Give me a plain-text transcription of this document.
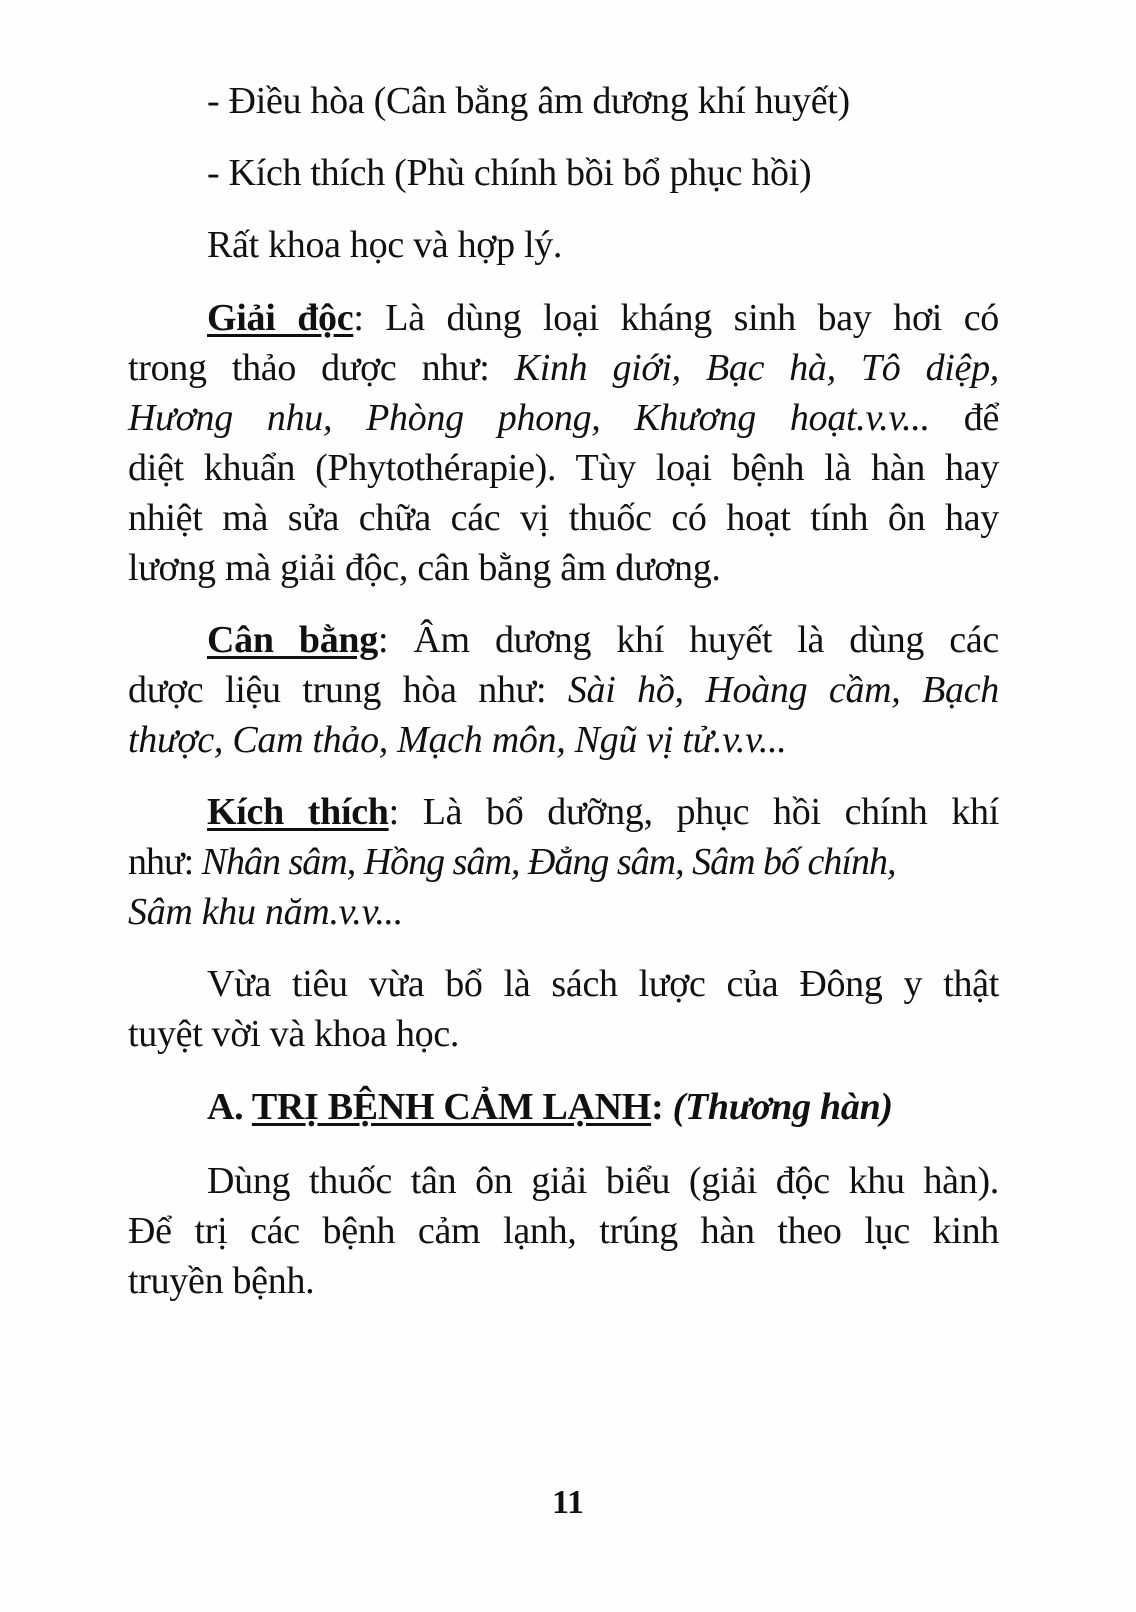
- Điều hòa (Cân bằng âm dương khí huyết)
- Kích thích (Phù chính bồi bổ phục hồi)
Rất khoa học và hợp lý.
Giải độc: Là dùng loại kháng sinh bay hơi có
trong thảo dược như: Kinh giới, Bạc hà, Tô diệp,
Hương nhu, Phòng phong, Khương hoạt.v.v... để
diệt khuẩn (Phytothérapie). Tùy loại bệnh là hàn hay
nhiệt mà sửa chữa các vị thuốc có hoạt tính ôn hay
lương mà giải độc, cân bằng âm dương.
Cân bằng: Âm dương khí huyết là dùng các
dược liệu trung hòa như: Sài hồ, Hoàng cầm, Bạch
thược, Cam thảo, Mạch môn, Ngũ vị tử.v.v...
Kích thích: Là bổ dưỡng, phục hồi chính khí
như: Nhân sâm, Hồng sâm, Đẳng sâm, Sâm bố chính,
Sâm khu năm.v.v...
Vừa tiêu vừa bổ là sách lược của Đông y thật
tuyệt vời và khoa học.
A. TRỊ BỆNH CẢM LẠNH: (Thương hàn)
Dùng thuốc tân ôn giải biểu (giải độc khu hàn).
Để trị các bệnh cảm lạnh, trúng hàn theo lục kinh
truyền bệnh.
11
